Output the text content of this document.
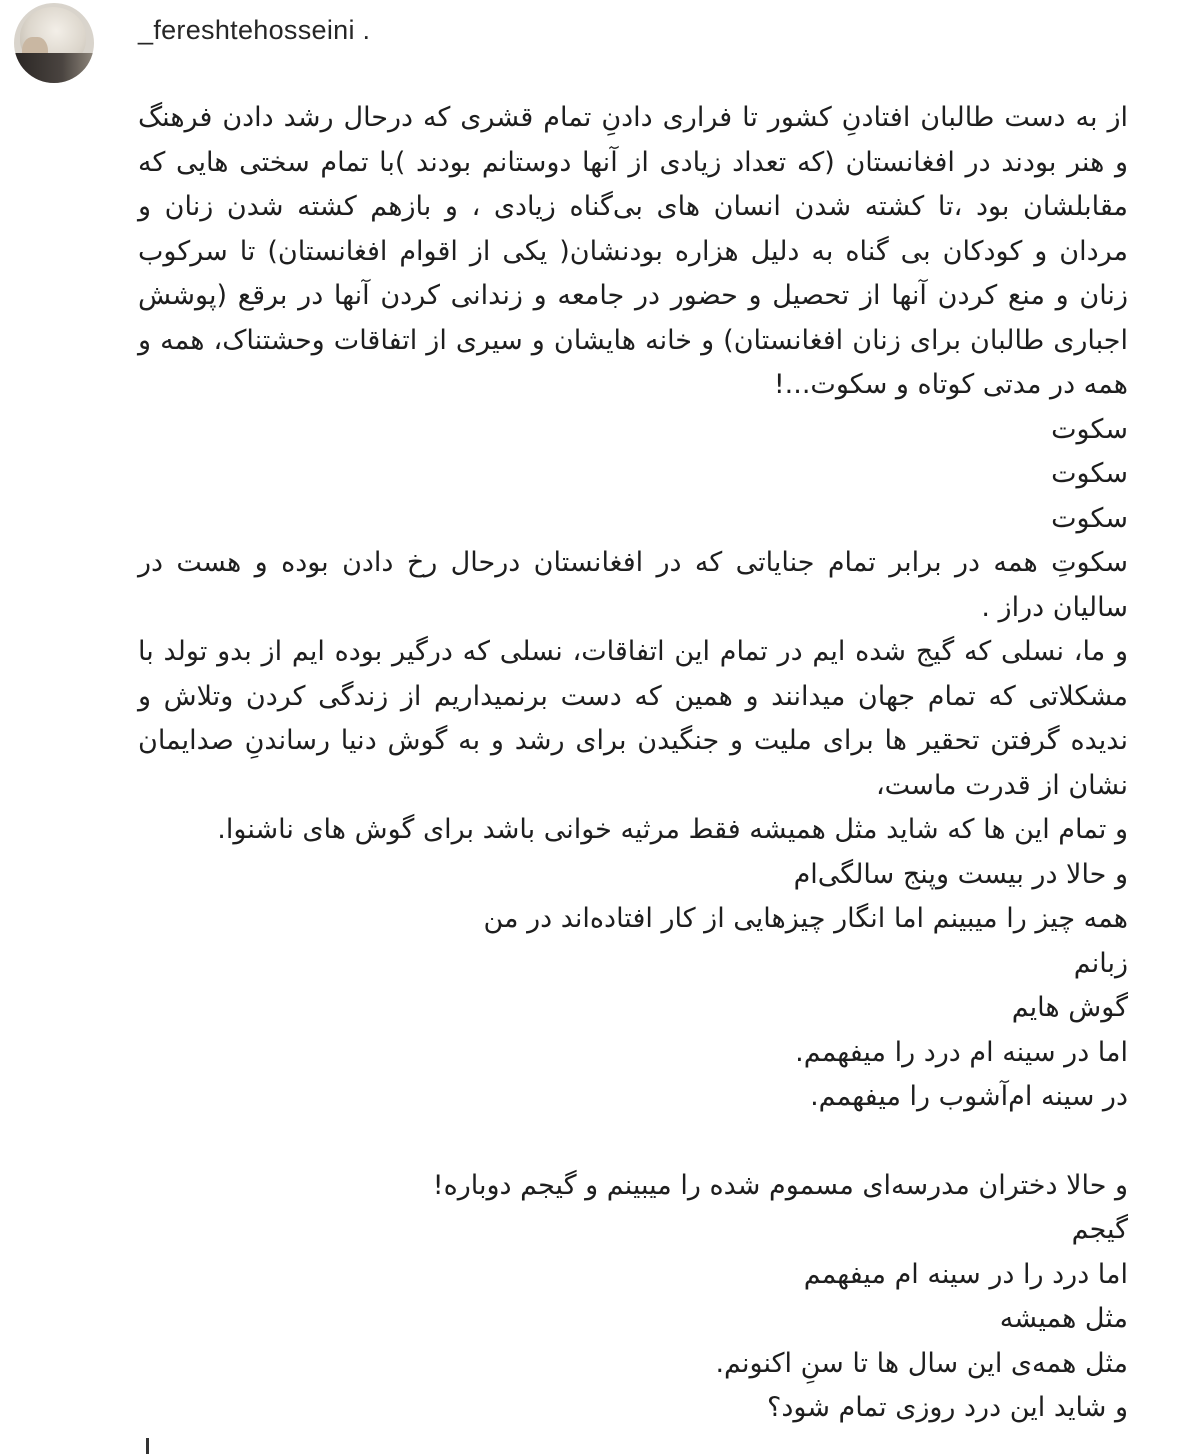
_fereshtehosseini .

از به دست طالبان افتادنِ کشور تا فراری دادنِ تمام قشری که درحال رشد دادن فرهنگ و هنر بودند در افغانستان (که تعداد زیادی از آنها دوستانم بودند )با تمام سختی هایی که مقابلشان بود ،تا کشته شدن انسان های بی‌گناه زیادی ، و بازهم کشته شدن زنان و مردان و کودکان بی گناه به دلیل هزاره بودنشان( یکی از اقوام افغانستان) تا سرکوب زنان و منع کردن آنها از تحصیل و حضور در جامعه و زندانی کردن آنها در برقع (پوشش اجباری طالبان برای زنان افغانستان) و خانه هایشان و سیری از اتفاقات وحشتناک، همه و همه در مدتی کوتاه و سکوت...!

سکوت
سکوت
سکوت

سکوتِ همه در برابر تمام جنایاتی که در افغانستان درحال رخ دادن بوده و هست در سالیان دراز .

و ما، نسلی که گیج شده ایم در تمام این اتفاقات، نسلی که درگیر بوده ایم از بدو تولد با مشکلاتی که تمام جهان میدانند و همین که دست برنمیداریم از زندگی کردن وتلاش و ندیده گرفتن تحقیر ها برای ملیت و جنگیدن برای رشد و به گوش دنیا رساندنِ صدایمان نشان از قدرت ماست،

و تمام این ها که شاید مثل همیشه فقط مرثیه خوانی باشد برای گوش های ناشنوا.
و حالا در بیست وپنج سالگی‌ام
همه چیز را میبینم اما انگار چیزهایی از کار افتاده‌اند در من
زبانم
گوش هایم
اما در سینه ام درد را میفهمم.
در سینه ام‌آشوب را میفهمم.
و حالا دختران مدرسه‌ای مسموم شده را میبینم و گیجم دوباره!
گیجم
اما درد را در سینه ام میفهمم
مثل همیشه
مثل همه‌ی این سال ها تا سنِ اکنونم.
و شاید این درد روزی تمام شود؟
